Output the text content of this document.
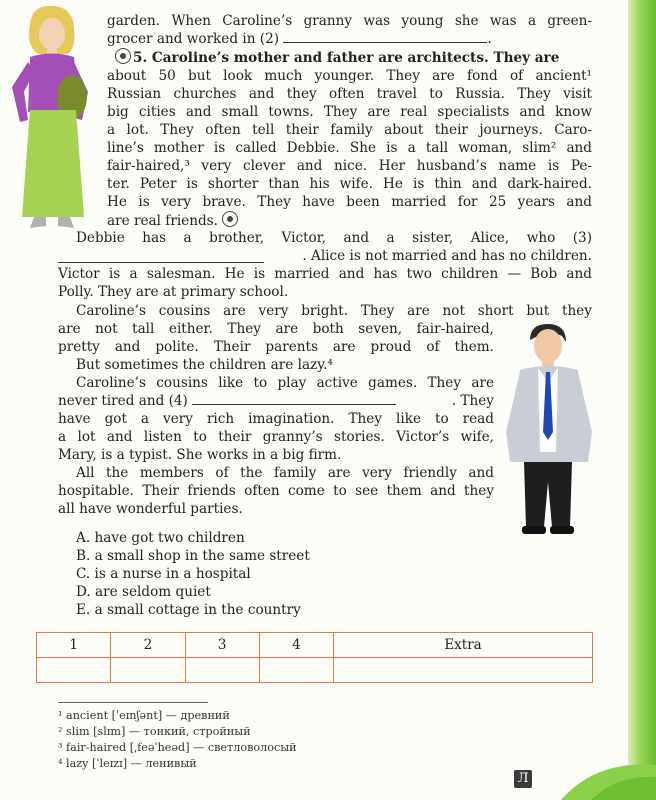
garden. When Caroline’s granny was young she was a green-
grocer and worked in (2)	.
5. Caroline’s mother and father are architects. They are
about 50 but look much younger. They are fond of ancient¹
Russian churches and they often travel to Russia. They visit
big cities and small towns. They are real specialists and know
a lot. They often tell their family about their journeys. Caro-
line’s mother is called Debbie. She is a tall woman, slim² and
fair-haired,³ very clever and nice. Her husband’s name is Pe-
ter. Peter is shorter than his wife. He is thin and dark-haired.
He is very brave. They have been married for 25 years and
are real friends.
Debbie has a brother, Victor, and a sister, Alice, who (3)
. Alice is not married and has no children.
Victor is a salesman. He is married and has two children — Bob and
Polly. They are at primary school.
Caroline’s cousins are very bright. They are not short but they
are not tall either. They are both seven, fair-haired,
pretty and polite. Their parents are proud of them.
But sometimes the children are lazy.⁴
Caroline’s cousins like to play active games. They are
never tired and (4)	. They
have got a very rich imagination. They like to read
a lot and listen to their granny’s stories. Victor’s wife,
Mary, is a typist. She works in a big firm.
All the members of the family are very friendly and
hospitable. Their friends often come to see them and they
all have wonderful parties.
A. have got two children
B. a small shop in the same street
C. is a nurse in a hospital
D. are seldom quiet
E. a small cottage in the country
1	2	3	4	Extra

¹ ancient [ˈeɪnʃənt] — древний
² slim [slɪm] — тонкий, стройный
³ fair-haired [ˌfeəˈheəd] — светловолосый
⁴ lazy [ˈleɪzɪ] — ленивый
Л
